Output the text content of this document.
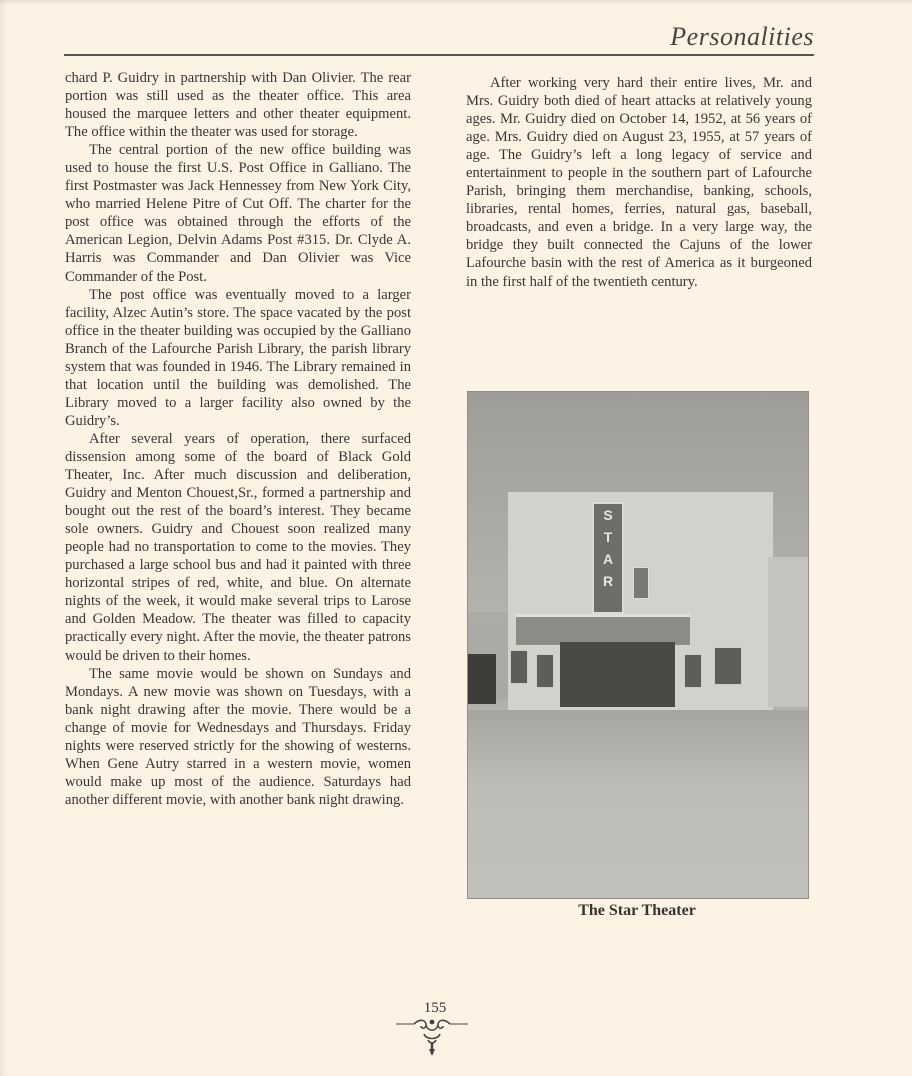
Personalities

chard P. Guidry in partnership with Dan Olivier. The rear portion was still used as the theater office. This area housed the marquee letters and other theater equipment. The office within the theater was used for storage.

The central portion of the new office building was used to house the first U.S. Post Office in Galliano. The first Postmaster was Jack Hennessey from New York City, who married Helene Pitre of Cut Off. The charter for the post office was obtained through the efforts of the American Legion, Delvin Adams Post #315. Dr. Clyde A. Harris was Commander and Dan Olivier was Vice Commander of the Post.

The post office was eventually moved to a larger facility, Alzec Autin’s store. The space vacated by the post office in the theater building was occupied by the Galliano Branch of the Lafourche Parish Library, the parish library system that was founded in 1946. The Library remained in that location until the building was demolished. The Library moved to a larger facility also owned by the Guidry’s.

After several years of operation, there surfaced dissension among some of the board of Black Gold Theater, Inc. After much discussion and deliberation, Guidry and Menton Chouest,Sr., formed a partnership and bought out the rest of the board’s interest. They became sole owners. Guidry and Chouest soon realized many people had no transportation to come to the movies. They purchased a large school bus and had it painted with three horizontal stripes of red, white, and blue. On alternate nights of the week, it would make several trips to Larose and Golden Meadow. The theater was filled to capacity practically every night. After the movie, the theater patrons would be driven to their homes.

The same movie would be shown on Sundays and Mondays. A new movie was shown on Tuesdays, with a bank night drawing after the movie. There would be a change of movie for Wednesdays and Thursdays. Friday nights were reserved strictly for the showing of westerns. When Gene Autry starred in a western movie, women would make up most of the audience. Saturdays had another different movie, with another bank night drawing.

After working very hard their entire lives, Mr. and Mrs. Guidry both died of heart attacks at relatively young ages. Mr. Guidry died on October 14, 1952, at 56 years of age. Mrs. Guidry died on August 23, 1955, at 57 years of age. The Guidry’s left a long legacy of service and entertainment to people in the southern part of Lafourche Parish, bringing them merchandise, banking, schools, libraries, rental homes, ferries, natural gas, baseball, broadcasts, and even a bridge. In a very large way, the bridge they built connected the Cajuns of the lower Lafourche basin with the rest of America as it burgeoned in the first half of the twentieth century.

S
T
A
R
The Star Theater
155
